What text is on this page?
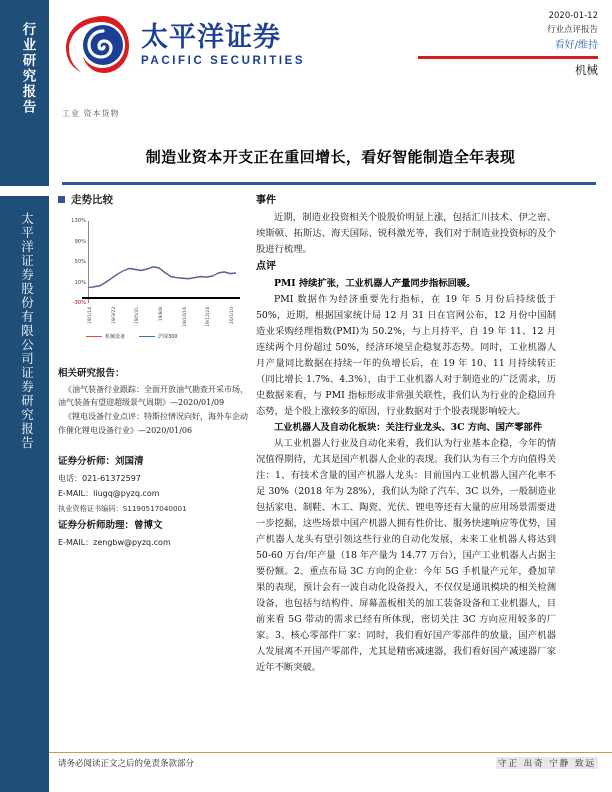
行业研究报告
太平洋证券股份有限公司证券研究报告
太平洋证券
PACIFIC SECURITIES
2020-01-12
行业点评报告
看好/维持
机械
工业 资本货物
制造业资本开支正在重回增长，看好智能制造全年表现
走势比较
130%
90%
50%
10%
-30%
19/1/14	19/3/23	19/5/31	19/8/8	19/10/16	19/12/24	20/1/10
机械设备	沪深300
相关研究报告：
《油气装备行业跟踪：全面开放油气勘查开采市场，油气装备有望迎超级景气周期》—2020/01/09
《锂电设备行业点评：特斯拉情况向好，海外车企动作催化锂电设备行业》—2020/01/06
证券分析师：刘国清
电话：021-61372597
E-MAIL：liugq@pyzq.com
执业资格证书编码：S1190517040001
证券分析师助理：曾博文
E-MAIL：zengbw@pyzq.com
事件
近期，制造业投资相关个股股价明显上涨，包括汇川技术、伊之密、埃斯顿、拓斯达、海天国际、锐科激光等，我们对于制造业投资标的及个股进行梳理。
点评
PMI 持续扩张，工业机器人产量同步指标回暖。
PMI 数据作为经济重要先行指标，在 19 年 5 月份后持续低于 50%，近期，根据国家统计局 12 月 31 日在官网公布，12 月份中国制造业采购经理指数(PMI)为 50.2%，与上月持平，自 19 年 11、12 月连续两个月份超过 50%，经济环境呈企稳复苏态势。同时，工业机器人月产量同比数据在持续一年的负增长后，在 19 年 10、11 月持续转正（同比增长 1.7%、4.3%），由于工业机器人对于制造业的广泛需求，历史数据来看，与 PMI 指标形成非常强关联性，我们认为行业的企稳回升态势，是个股上涨较多的原因，行业数据对于个股表现影响较大。
工业机器人及自动化板块：关注行业龙头、3C 方向、国产零部件
从工业机器人行业及自动化来看，我们认为行业基本企稳，今年的情况值得期待，尤其是国产机器人企业的表现。我们认为有三个方向值得关注：1、有技术含量的国产机器人龙头：目前国内工业机器人国产化率不足 30%（2018 年为 28%），我们认为除了汽车、3C 以外，一般制造业包括家电、制鞋、木工、陶瓷、光伏、锂电等还有大量的应用场景需要进一步挖掘，这些场景中国产机器人拥有性价比、服务快速响应等优势，国产机器人龙头有望引领这些行业的自动化发展，未来工业机器人将达到 50-60 万台/年产量（18 年产量为 14.77 万台），国产工业机器人占据主要份额。2、重点布局 3C 方向的企业：今年 5G 手机量产元年，叠加苹果的表现，预计会有一波自动化设备投入，不仅仅是通讯模块的相关检测设备，也包括与结构件、屏幕盖板相关的加工装备设备和工业机器人，目前来看 5G 带动的需求已经有所体现，密切关注 3C 方向应用较多的厂家。3、核心零部件厂家：同时，我们看好国产零部件的放量，国产机器人发展离不开国产零部件，尤其是精密减速器，我们看好国产减速器厂家近年不断突破。
请务必阅读正文之后的免责条款部分	守正 出奇 宁静 致远
